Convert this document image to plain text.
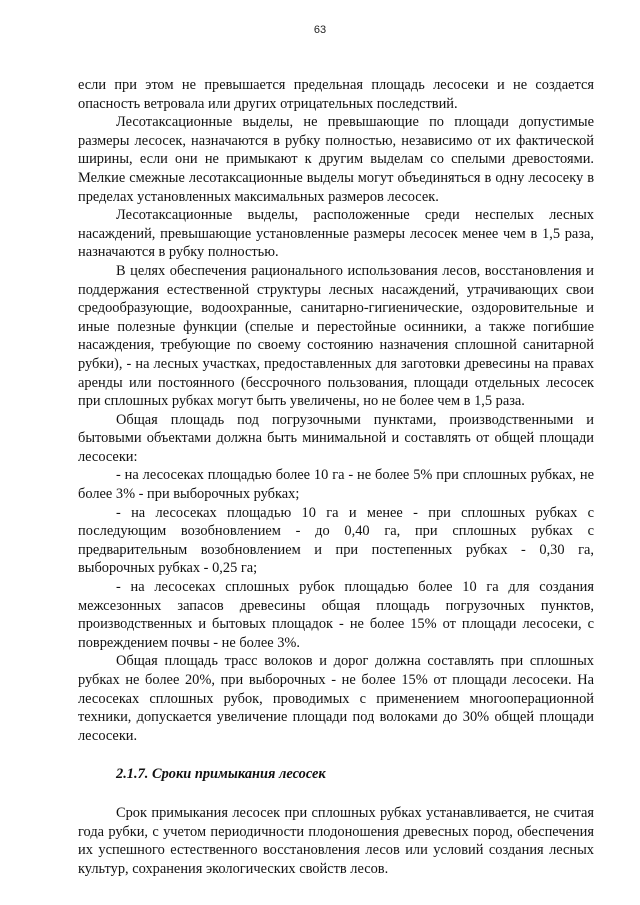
63

если при этом не превышается предельная площадь лесосеки и не создается опасность ветровала или других отрицательных последствий.

Лесотаксационные выделы, не превышающие по площади допустимые размеры лесосек, назначаются в рубку полностью, независимо от их фактической ширины, если они не примыкают к другим выделам со спелыми древостоями. Мелкие смежные лесотаксационные выделы могут объединяться в одну лесосеку в пределах установленных максимальных размеров лесосек.

Лесотаксационные выделы, расположенные среди неспелых лесных насаждений, превышающие установленные размеры лесосек менее чем в 1,5 раза, назначаются в рубку полностью.

В целях обеспечения рационального использования лесов, восстановления и поддержания естественной структуры лесных насаждений, утрачивающих свои средообразующие, водоохранные, санитарно-гигиенические, оздоровительные и иные полезные функции (спелые и перестойные осинники, а также погибшие насаждения, требующие по своему состоянию назначения сплошной санитарной рубки), - на лесных участках, предоставленных для заготовки древесины на правах аренды или постоянного (бессрочного пользования, площади отдельных лесосек при сплошных рубках могут быть увеличены, но не более чем в 1,5 раза.

Общая площадь под погрузочными пунктами, производственными и бытовыми объектами должна быть минимальной и составлять от общей площади лесосеки:

- на лесосеках площадью более 10 га - не более 5% при сплошных рубках, не более 3% - при выборочных рубках;

- на лесосеках площадью 10 га и менее - при сплошных рубках с последующим возобновлением - до 0,40 га, при сплошных рубках с предварительным возобновлением и при постепенных рубках - 0,30 га, выборочных рубках - 0,25 га;

- на лесосеках сплошных рубок площадью более 10 га для создания межсезонных запасов древесины общая площадь погрузочных пунктов, производственных и бытовых площадок - не более 15% от площади лесосеки, с повреждением почвы - не более 3%.

Общая площадь трасс волоков и дорог должна составлять при сплошных рубках не более 20%, при выборочных - не более 15% от площади лесосеки. На лесосеках сплошных рубок, проводимых с применением многооперационной техники, допускается увеличение площади под волоками до 30% общей площади лесосеки.

2.1.7. Сроки примыкания лесосек

Срок примыкания лесосек при сплошных рубках устанавливается, не считая года рубки, с учетом периодичности плодоношения древесных пород, обеспечения их успешного естественного восстановления лесов или условий создания лесных культур, сохранения экологических свойств лесов.
